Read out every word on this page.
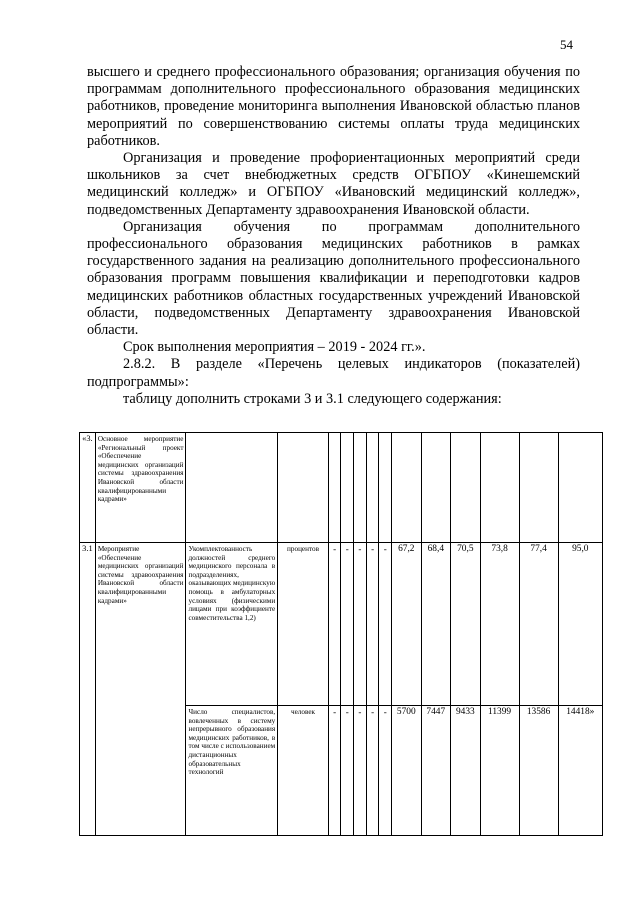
54

высшего и среднего профессионального образования; организация обучения по программам дополнительного профессионального образования медицинских работников, проведение мониторинга выполнения Ивановской областью планов мероприятий по совершенствованию системы оплаты труда медицинских работников.

Организация и проведение профориентационных мероприятий среди школьников за счет внебюджетных средств ОГБПОУ «Кинешемский медицинский колледж» и ОГБПОУ «Ивановский медицинский колледж», подведомственных Департаменту здравоохранения Ивановской области.

Организация обучения по программам дополнительного профессионального образования медицинских работников в рамках государственного задания на реализацию дополнительного профессионального образования программ повышения квалификации и переподготовки кадров медицинских работников областных государственных учреждений Ивановской области, подведомственных Департаменту здравоохранения Ивановской области.

Срок выполнения мероприятия – 2019 - 2024 гг.».

2.8.2. В разделе «Перечень целевых индикаторов (показателей) подпрограммы»:

таблицу дополнить строками 3 и 3.1 следующего содержания:

«3.	Основное мероприятие «Региональный проект «Обеспечение медицинских организаций системы здравоохранения Ивановской области квалифицированными кадрами»													
3.1	Мероприятие «Обеспечение медицинских организаций системы здравоохранения Ивановской области квалифицированными кадрами»	Укомплектованность должностей среднего медицинского персонала в подразделениях, оказывающих медицинскую помощь в амбулаторных условиях (физическими лицами при коэффициенте совместительства 1,2)	процентов	-	-	-	-	-	67,2	68,4	70,5	73,8	77,4	95,0
		Число специалистов, вовлеченных в систему непрерывного образования медицинских работников, в том числе с использованием дистанционных образовательных технологий	человек	-	-	-	-	-	5700	7447	9433	11399	13586	14418»
